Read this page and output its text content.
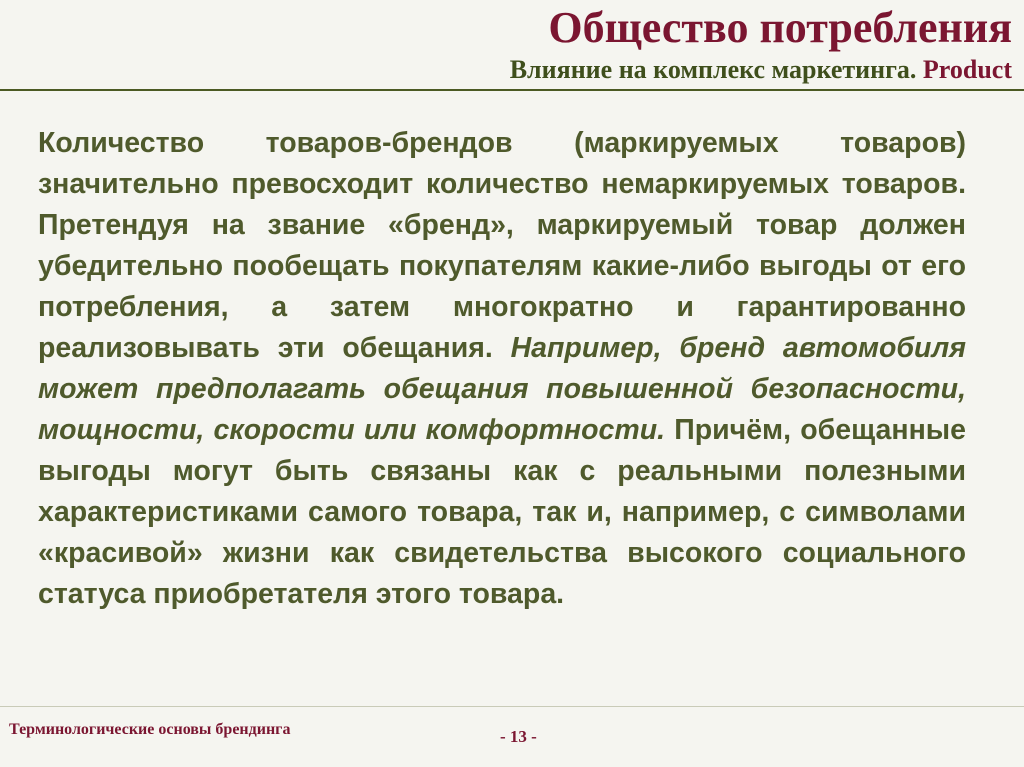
Общество потребления
Влияние на комплекс маркетинга. Product
Количество товаров-брендов (маркируемых товаров) значительно превосходит количество немаркируемых товаров. Претендуя на звание «бренд», маркируемый товар должен убедительно пообещать покупателям какие-либо выгоды от его потребления, а затем многократно и гарантированно реализовывать эти обещания. Например, бренд автомобиля может предполагать обещания повышенной безопасности, мощности, скорости или комфортности. Причём, обещанные выгоды могут быть связаны как с реальными полезными характеристиками самого товара, так и, например, с символами «красивой» жизни как свидетельства высокого социального статуса приобретателя этого товара.
Терминологические основы брендинга	- 13 -
